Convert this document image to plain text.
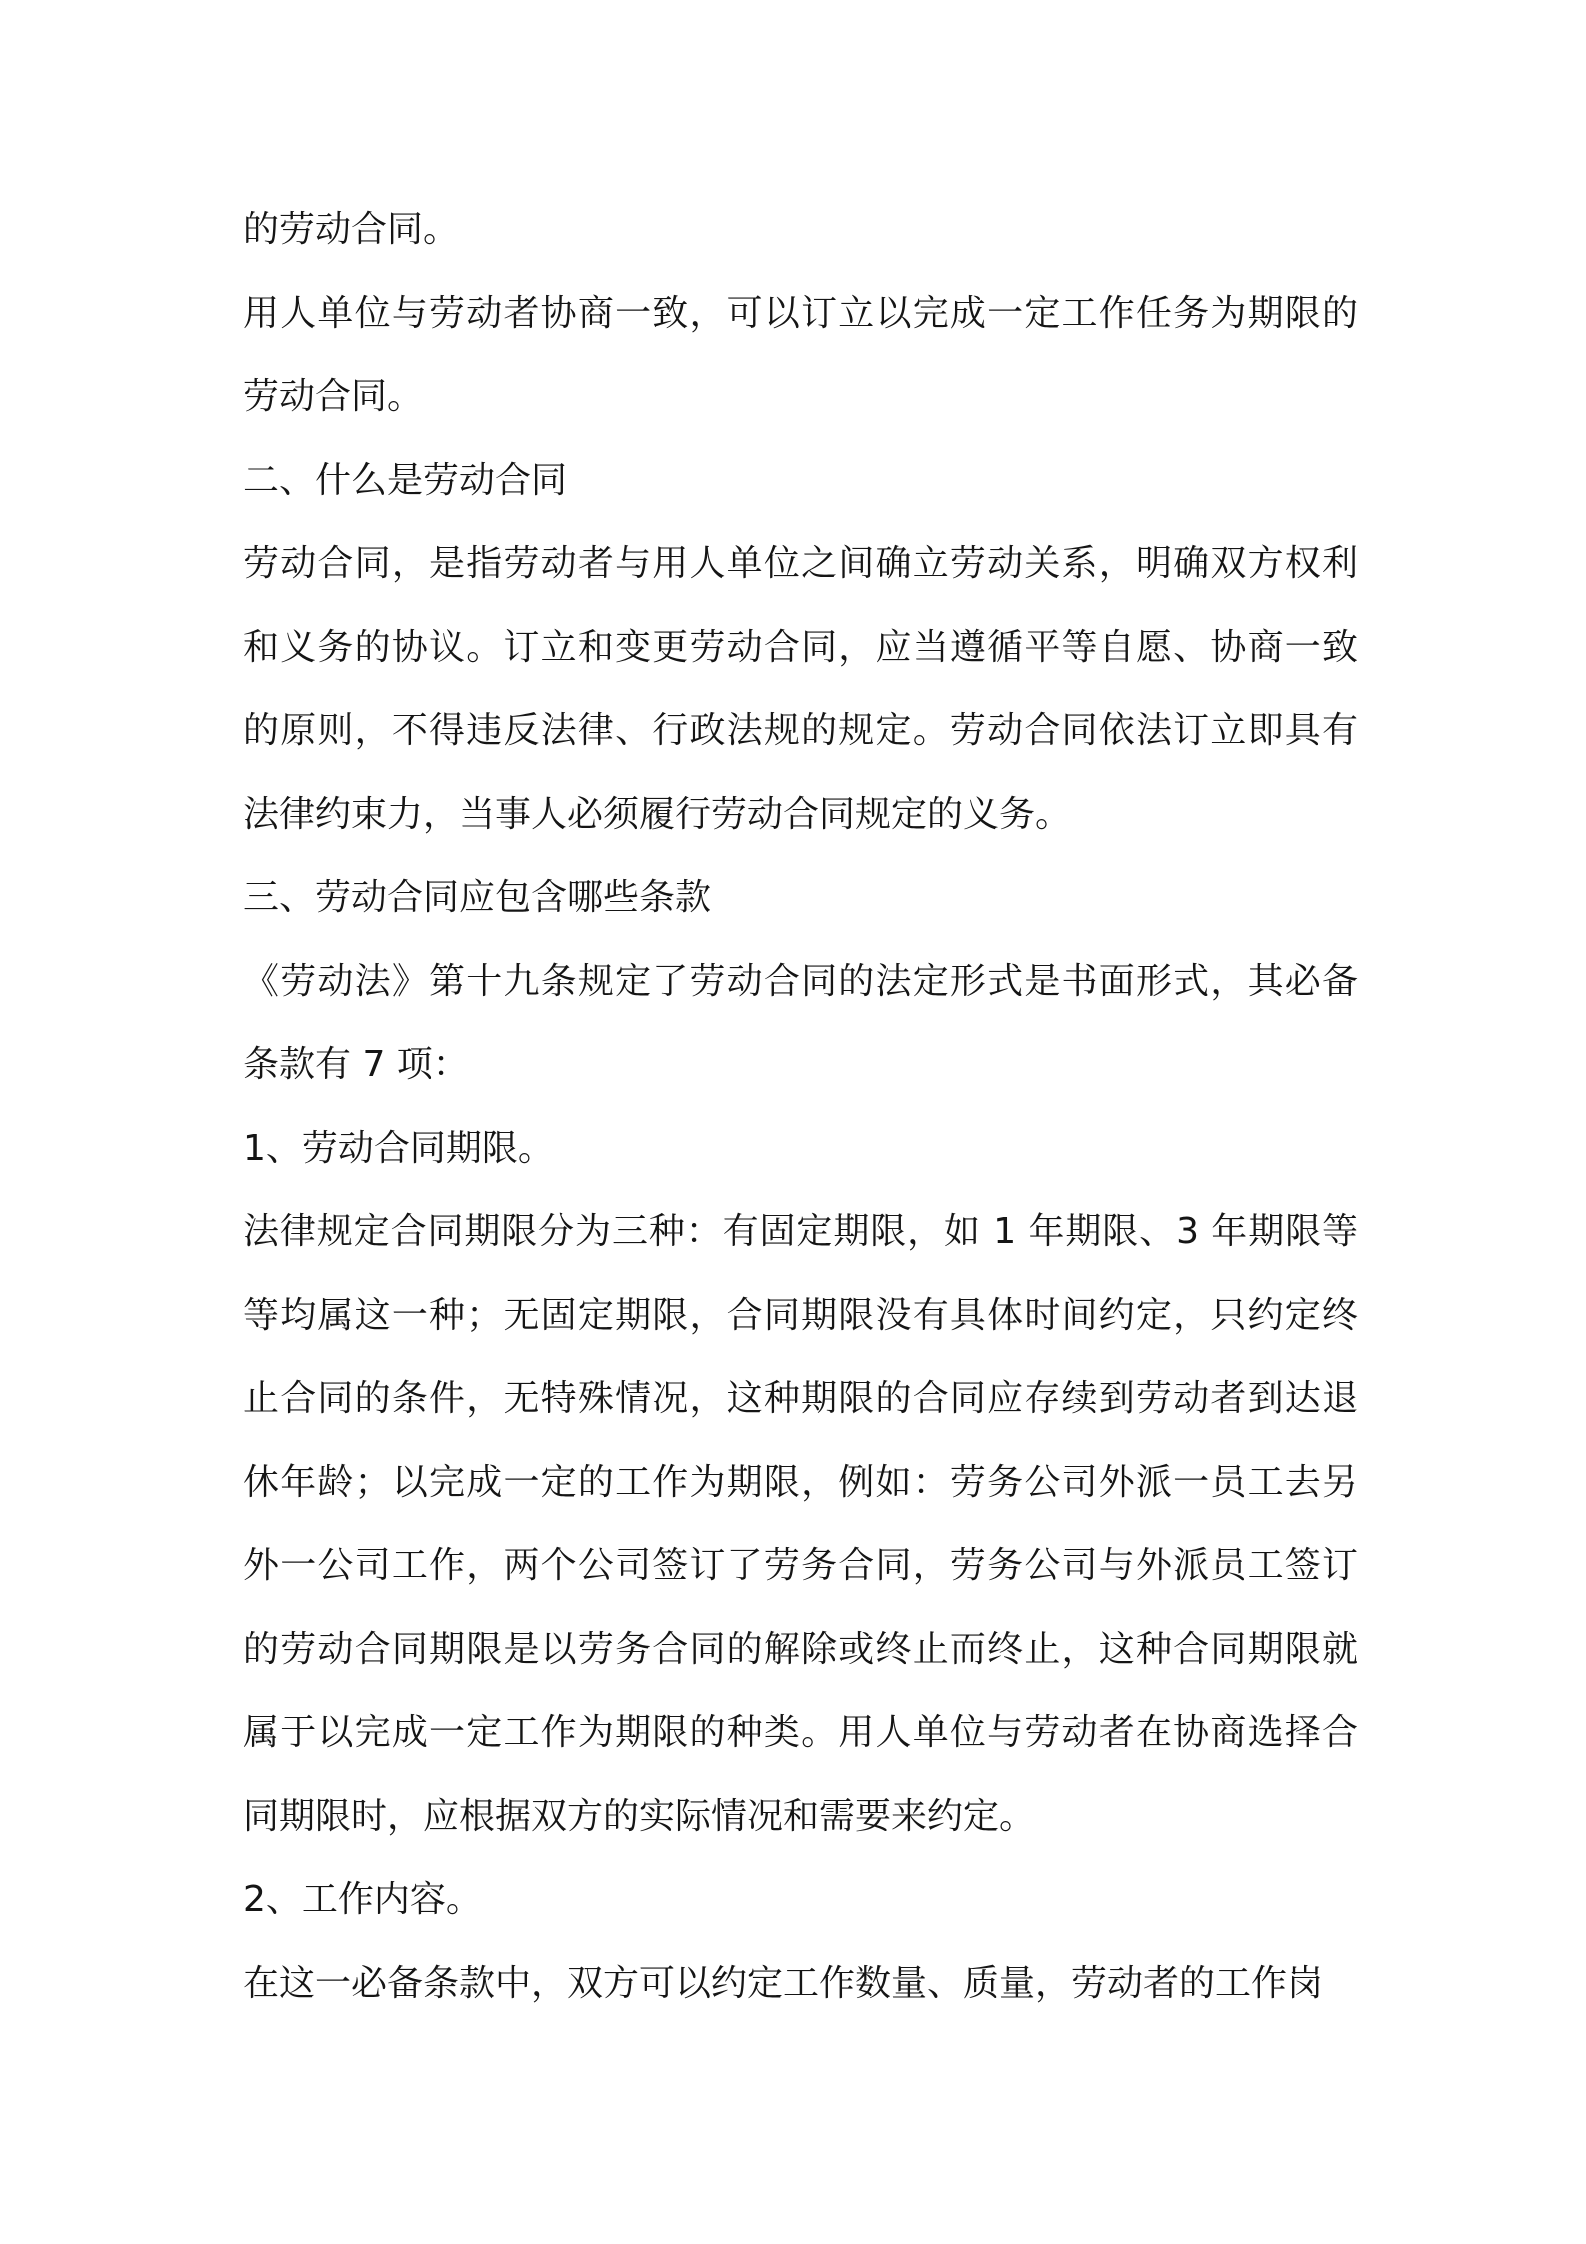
的劳动合同。

用人单位与劳动者协商一致，可以订立以完成一定工作任务为期限的劳动合同。

二、什么是劳动合同

劳动合同，是指劳动者与用人单位之间确立劳动关系，明确双方权利和义务的协议。订立和变更劳动合同，应当遵循平等自愿、协商一致的原则，不得违反法律、行政法规的规定。劳动合同依法订立即具有法律约束力，当事人必须履行劳动合同规定的义务。

三、劳动合同应包含哪些条款

《劳动法》第十九条规定了劳动合同的法定形式是书面形式，其必备条款有 7 项：

1、劳动合同期限。

法律规定合同期限分为三种：有固定期限，如 1 年期限、3 年期限等等均属这一种；无固定期限，合同期限没有具体时间约定，只约定终止合同的条件，无特殊情况，这种期限的合同应存续到劳动者到达退休年龄；以完成一定的工作为期限，例如：劳务公司外派一员工去另外一公司工作，两个公司签订了劳务合同，劳务公司与外派员工签订的劳动合同期限是以劳务合同的解除或终止而终止，这种合同期限就属于以完成一定工作为期限的种类。用人单位与劳动者在协商选择合同期限时，应根据双方的实际情况和需要来约定。

2、工作内容。

在这一必备条款中，双方可以约定工作数量、质量，劳动者的工作岗
